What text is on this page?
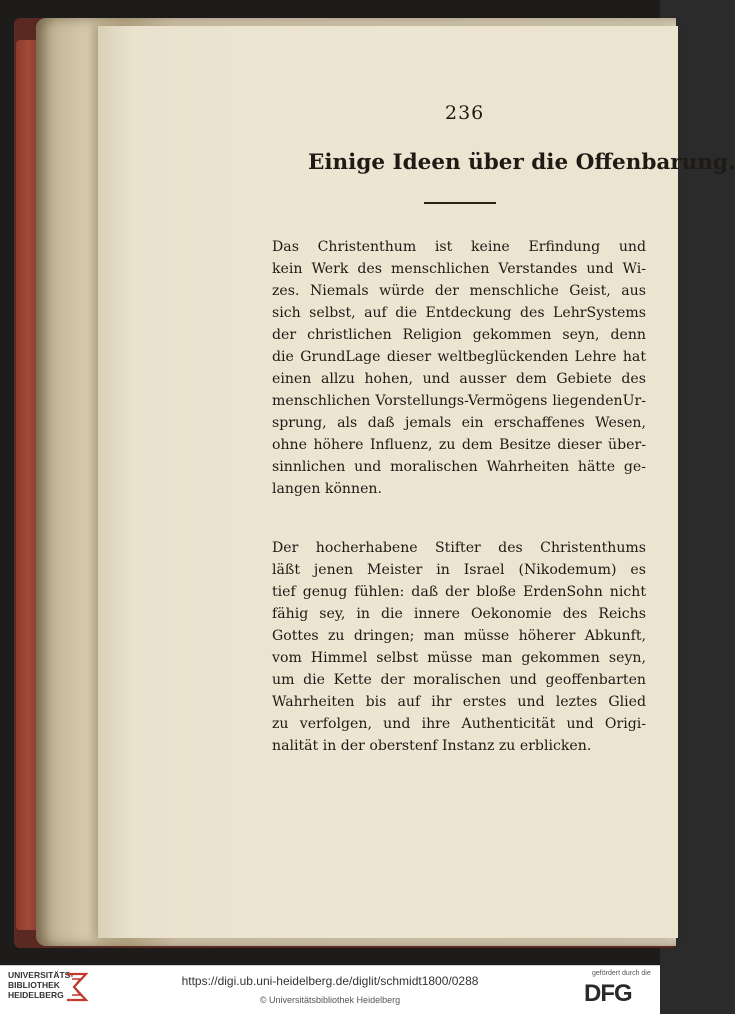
236
Einige Ideen über die Offenbarung.
Das Christenthum ist keine Erfindung und
kein Werk des menschlichen Verstandes und Wi-
zes. Niemals würde der menschliche Geist, aus
sich selbst, auf die Entdeckung des LehrSystems
der christlichen Religion gekommen seyn, denn
die GrundLage dieser weltbeglückenden Lehre hat
einen allzu hohen, und ausser dem Gebiete des
menschlichen Vorstellungs-Vermögens liegendenUr-
sprung, als daß jemals ein erschaffenes Wesen,
ohne höhere Influenz, zu dem Besitze dieser über-
sinnlichen und moralischen Wahrheiten hätte ge-
langen können.
Der hocherhabene Stifter des Christenthums
läßt jenen Meister in Israel (Nikodemum) es
tief genug fühlen: daß der bloße ErdenSohn nicht
fähig sey, in die innere Oekonomie des Reichs
Gottes zu dringen; man müsse höherer Abkunft,
vom Himmel selbst müsse man gekommen seyn,
um die Kette der moralischen und geoffenbarten
Wahrheiten bis auf ihr erstes und leztes Glied
zu verfolgen, und ihre Authenticität und Origi-
nalität in der oberstenf Instanz zu erblicken.
UNIVERSITÄTS-
BIBLIOTHEK
HEIDELBERG
https://digi.ub.uni-heidelberg.de/diglit/schmidt1800/0288
© Universitätsbibliothek Heidelberg
gefördert durch die
DFG
